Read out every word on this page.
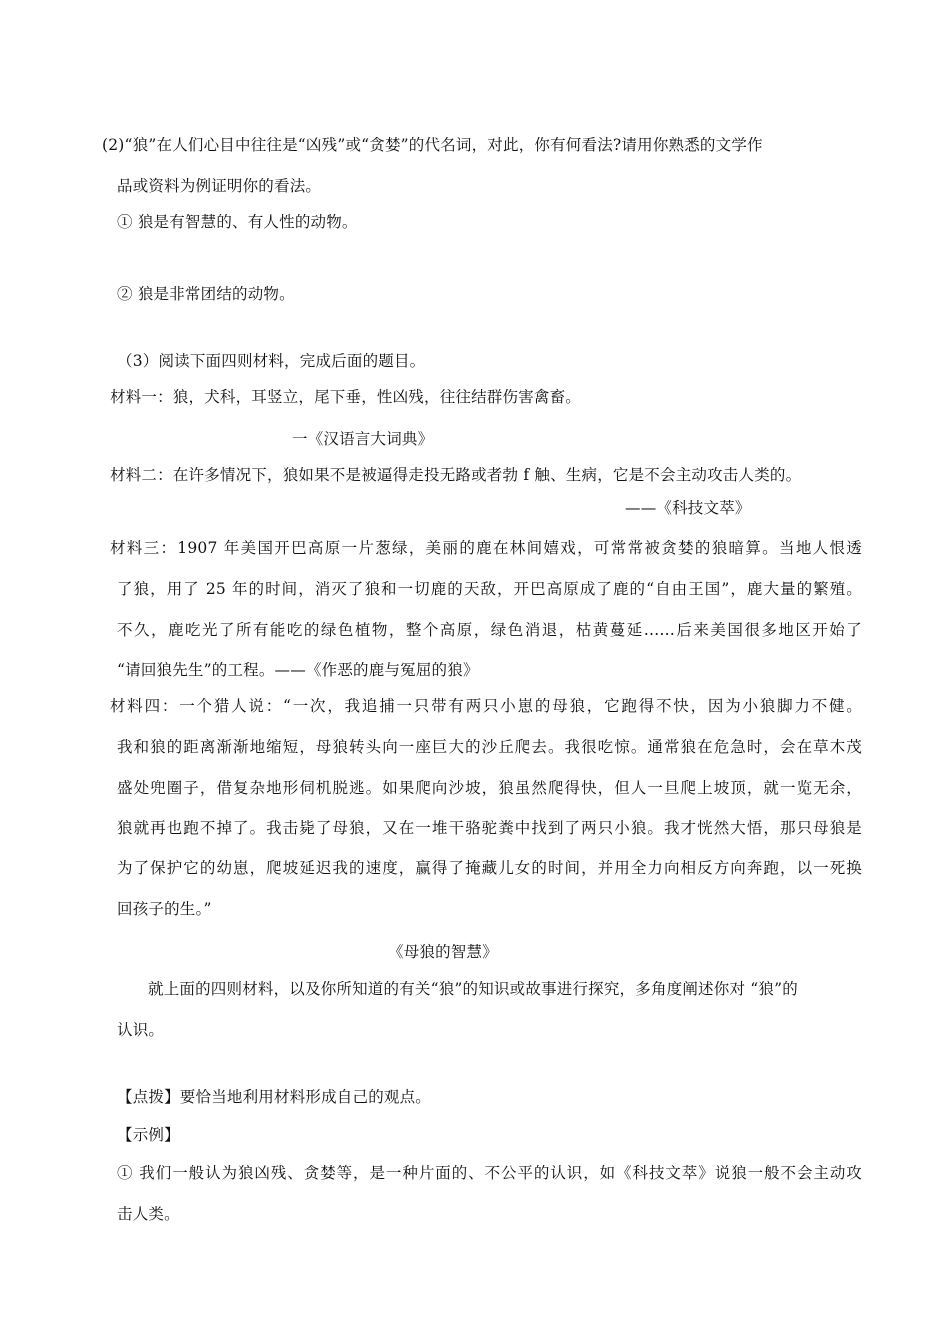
(2)“狼”在人们心目中往往是“凶残”或“贪婪”的代名词，对此，你有何看法?请用你熟悉的文学作
品或资料为例证明你的看法。
① 狼是有智慧的、有人性的动物。
② 狼是非常团结的动物。
（3）阅读下面四则材料，完成后面的题目。
材料一：狼，犬科，耳竖立，尾下垂，性凶残，往往结群伤害禽畜。
一《汉语言大词典》
材料二：在许多情况下，狼如果不是被逼得走投无路或者勃 f 触、生病，它是不会主动攻击人类的。
——《科技文萃》
材料三：1907 年美国开巴高原一片葱绿，美丽的鹿在林间嬉戏，可常常被贪婪的狼暗算。当地人恨透
了狼，用了 25 年的时间，消灭了狼和一切鹿的天敌，开巴高原成了鹿的“自由王国”，鹿大量的繁殖。
不久，鹿吃光了所有能吃的绿色植物，整个高原，绿色消退，枯黄蔓延……后来美国很多地区开始了
“请回狼先生”的工程。——《作恶的鹿与冤屈的狼》
材料四：一个猎人说：“一次，我追捕一只带有两只小崽的母狼，它跑得不快，因为小狼脚力不健。
我和狼的距离渐渐地缩短，母狼转头向一座巨大的沙丘爬去。我很吃惊。通常狼在危急时，会在草木茂
盛处兜圈子，借复杂地形伺机脱逃。如果爬向沙坡，狼虽然爬得快，但人一旦爬上坡顶，就一览无余，
狼就再也跑不掉了。我击毙了母狼，又在一堆干骆驼粪中找到了两只小狼。我才恍然大悟，那只母狼是
为了保护它的幼崽，爬坡延迟我的速度，赢得了掩藏儿女的时间，并用全力向相反方向奔跑，以一死换
回孩子的生。”
《母狼的智慧》
就上面的四则材料，以及你所知道的有关“狼”的知识或故事进行探究，多角度阐述你对 “狼”的
认识。
【点拨】要恰当地利用材料形成自己的观点。
【示例】
① 我们一般认为狼凶残、贪婪等，是一种片面的、不公平的认识，如《科技文萃》说狼一般不会主动攻
击人类。
